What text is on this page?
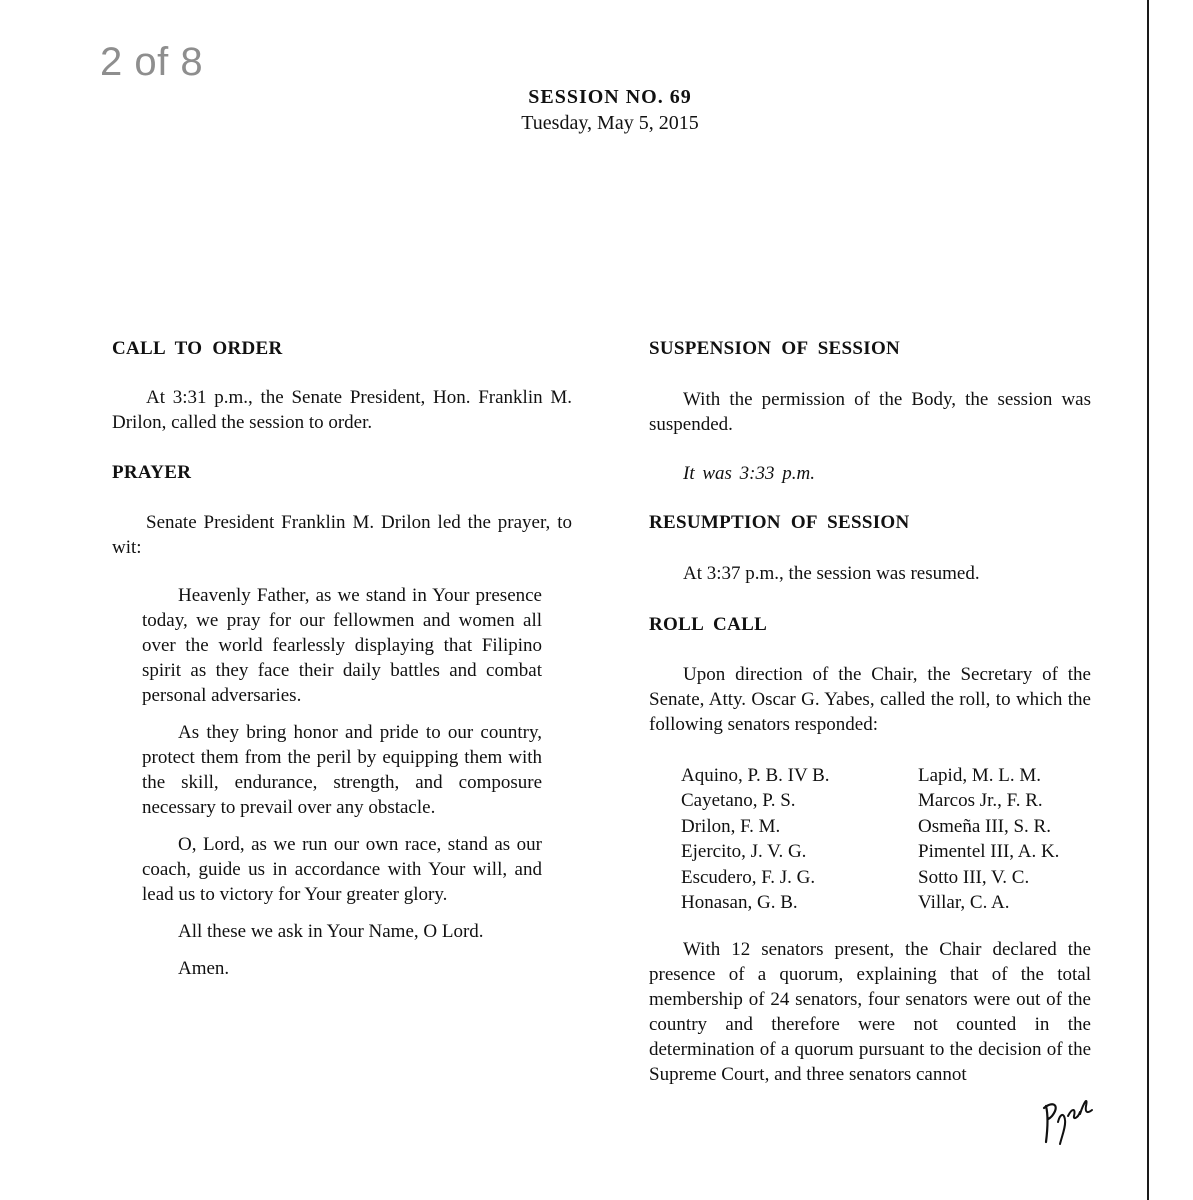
2 of 8
SESSION NO. 69
Tuesday, May 5, 2015

CALL TO ORDER

At 3:31 p.m., the Senate President, Hon. Franklin M. Drilon, called the session to order.

PRAYER

Senate President Franklin M. Drilon led the prayer, to wit:

Heavenly Father, as we stand in Your presence today, we pray for our fellowmen and women all over the world fearlessly displaying that Filipino spirit as they face their daily battles and combat personal adversaries.

As they bring honor and pride to our country, protect them from the peril by equipping them with the skill, endurance, strength, and composure necessary to prevail over any obstacle.

O, Lord, as we run our own race, stand as our coach, guide us in accordance with Your will, and lead us to victory for Your greater glory.

All these we ask in Your Name, O Lord.

Amen.

SUSPENSION OF SESSION

With the permission of the Body, the session was suspended.

It was 3:33 p.m.

RESUMPTION OF SESSION

At 3:37 p.m., the session was resumed.

ROLL CALL

Upon direction of the Chair, the Secretary of the Senate, Atty. Oscar G. Yabes, called the roll, to which the following senators responded:

Aquino, P. B. IV B.
Cayetano, P. S.
Drilon, F. M.
Ejercito, J. V. G.
Escudero, F. J. G.
Honasan, G. B.
Lapid, M. L. M.
Marcos Jr., F. R.
Osmeña III, S. R.
Pimentel III, A. K.
Sotto III, V. C.
Villar, C. A.

With 12 senators present, the Chair declared the presence of a quorum, explaining that of the total membership of 24 senators, four senators were out of the country and therefore were not counted in the determination of a quorum pursuant to the decision of the Supreme Court, and three senators cannot
